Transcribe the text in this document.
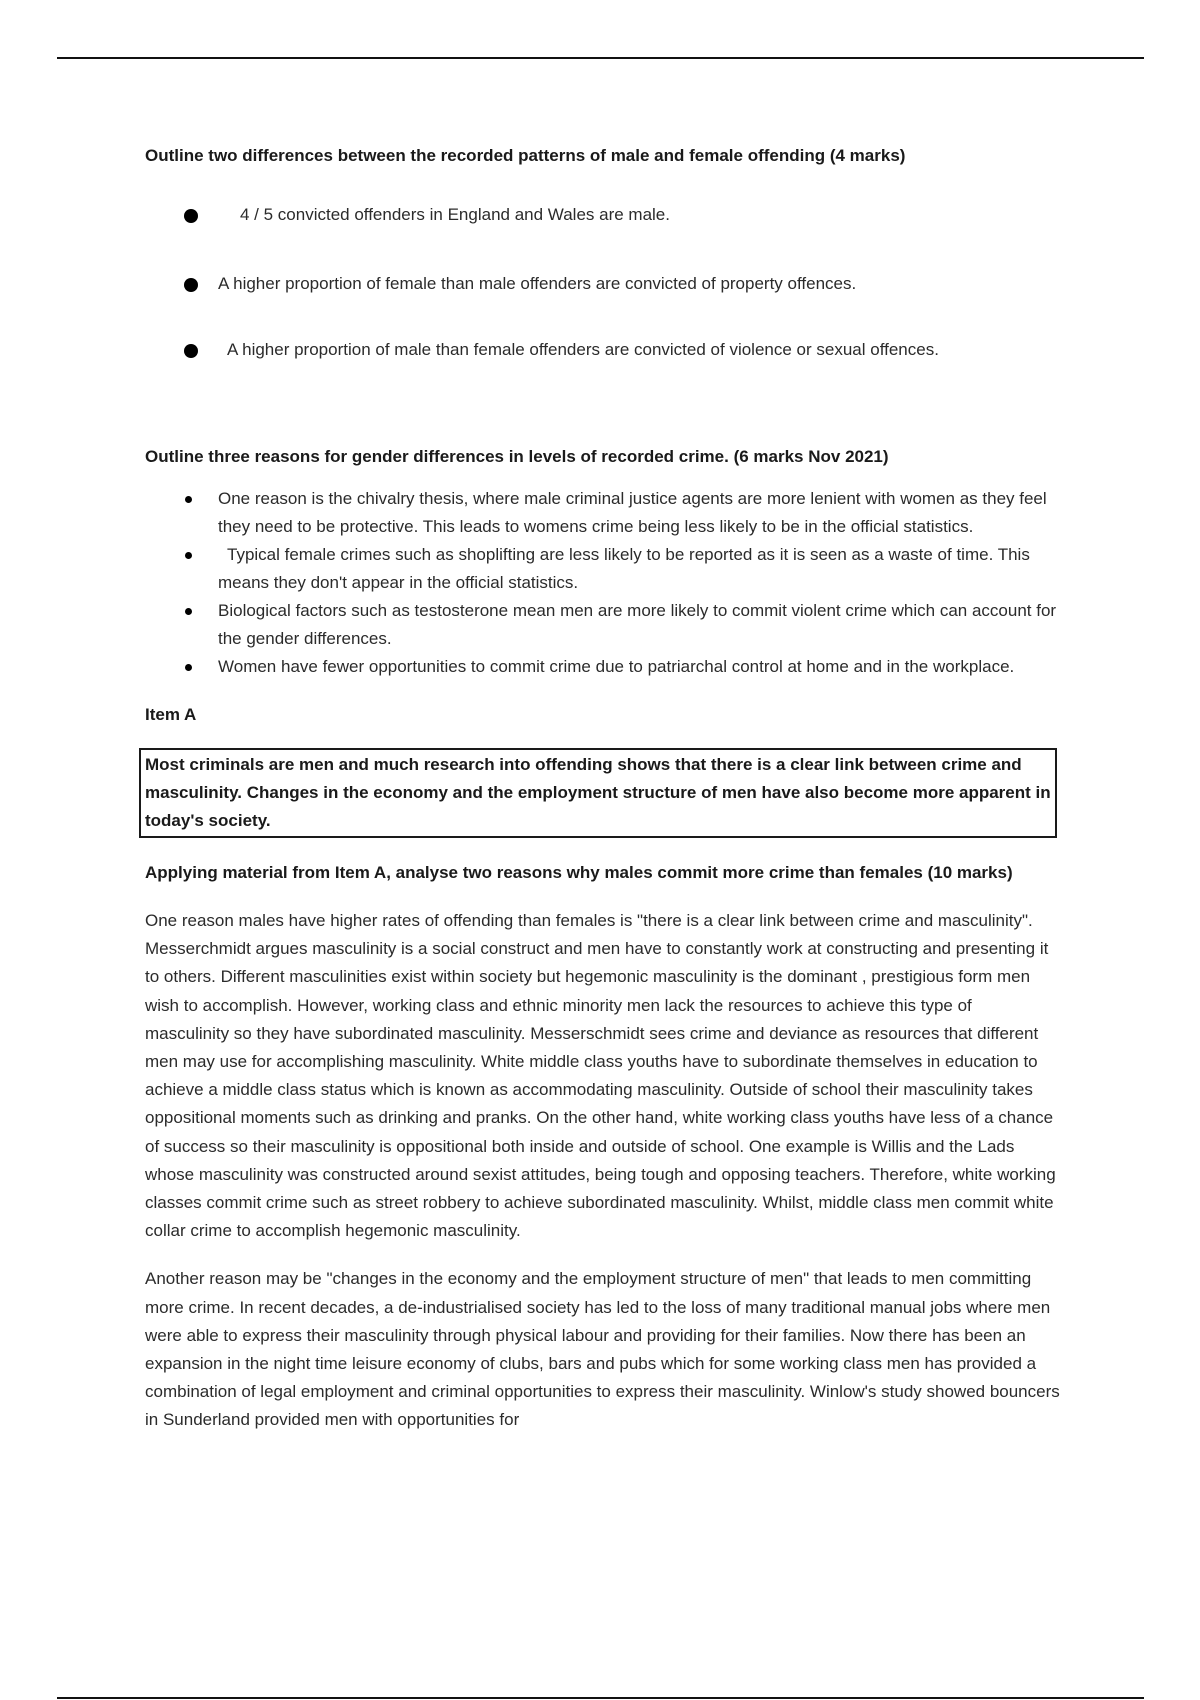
Outline two differences between the recorded patterns of male and female offending (4 marks)

4 / 5 convicted offenders in England and Wales are male.
A higher proportion of female than male offenders are convicted of property offences.
A higher proportion of male than female offenders are convicted of violence or sexual offences.

Outline three reasons for gender differences in levels of recorded crime. (6 marks Nov 2021)

One reason is the chivalry thesis, where male criminal justice agents are more lenient with women as they feel they need to be protective. This leads to womens crime being less likely to be in the official statistics.
Typical female crimes such as shoplifting are less likely to be reported as it is seen as a waste of time. This means they don't appear in the official statistics.
Biological factors such as testosterone mean men are more likely to commit violent crime which can account for the gender differences.
Women have fewer opportunities to commit crime due to patriarchal control at home and in the workplace.

Item A

Most criminals are men and much research into offending shows that there is a clear link between crime and masculinity. Changes in the economy and the employment structure of men have also become more apparent in today's society.

Applying material from Item A, analyse two reasons why males commit more crime than females (10 marks)

One reason males have higher rates of offending than females is "there is a clear link between crime and masculinity". Messerchmidt argues masculinity is a social construct and men have to constantly work at constructing and presenting it to others. Different masculinities exist within society but hegemonic masculinity is the dominant , prestigious form men wish to accomplish. However, working class and ethnic minority men lack the resources to achieve this type of masculinity so they have subordinated masculinity. Messerschmidt sees crime and deviance as resources that different men may use for accomplishing masculinity. White middle class youths have to subordinate themselves in education to achieve a middle class status which is known as accommodating masculinity. Outside of school their masculinity takes oppositional moments such as drinking and pranks. On the other hand, white working class youths have less of a chance of success so their masculinity is oppositional both inside and outside of school. One example is Willis and the Lads whose masculinity was constructed around sexist attitudes, being tough and opposing teachers. Therefore, white working classes commit crime such as street robbery to achieve subordinated masculinity. Whilst, middle class men commit white collar crime to accomplish hegemonic masculinity.

Another reason may be "changes in the economy and the employment structure of men" that leads to men committing more crime. In recent decades, a de-industrialised society has led to the loss of many traditional manual jobs where men were able to express their masculinity through physical labour and providing for their families. Now there has been an expansion in the night time leisure economy of clubs, bars and pubs which for some working class men has provided a combination of legal employment and criminal opportunities to express their masculinity. Winlow's study showed bouncers in Sunderland provided men with opportunities for
